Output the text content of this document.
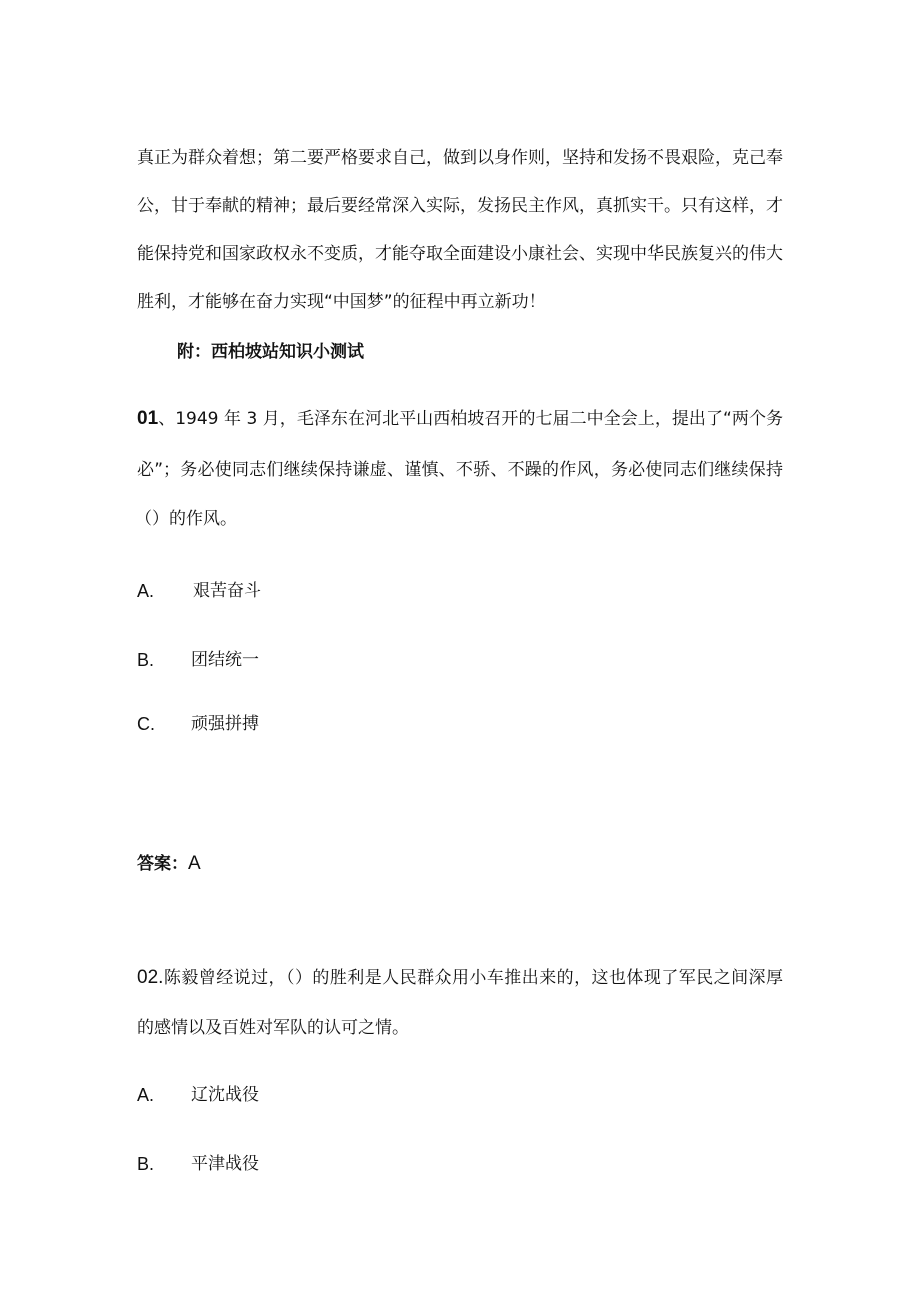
真正为群众着想；第二要严格要求自己，做到以身作则，坚持和发扬不畏艰险，克己奉
公，甘于奉献的精神；最后要经常深入实际，发扬民主作风，真抓实干。只有这样，才
能保持党和国家政权永不变质，才能夺取全面建设小康社会、实现中华民族复兴的伟大
胜利，才能够在奋力实现“中国梦”的征程中再立新功！
附：西柏坡站知识小测试
01、1949 年 3 月，毛泽东在河北平山西柏坡召开的七届二中全会上，提出了“两个务
必”；务必使同志们继续保持谦虚、谨慎、不骄、不躁的作风，务必使同志们继续保持
（）的作风。
A. 艰苦奋斗
B. 团结统一
C. 顽强拼搏
答案：A
02.陈毅曾经说过，（）的胜利是人民群众用小车推出来的，这也体现了军民之间深厚
的感情以及百姓对军队的认可之情。
A. 辽沈战役
B. 平津战役
